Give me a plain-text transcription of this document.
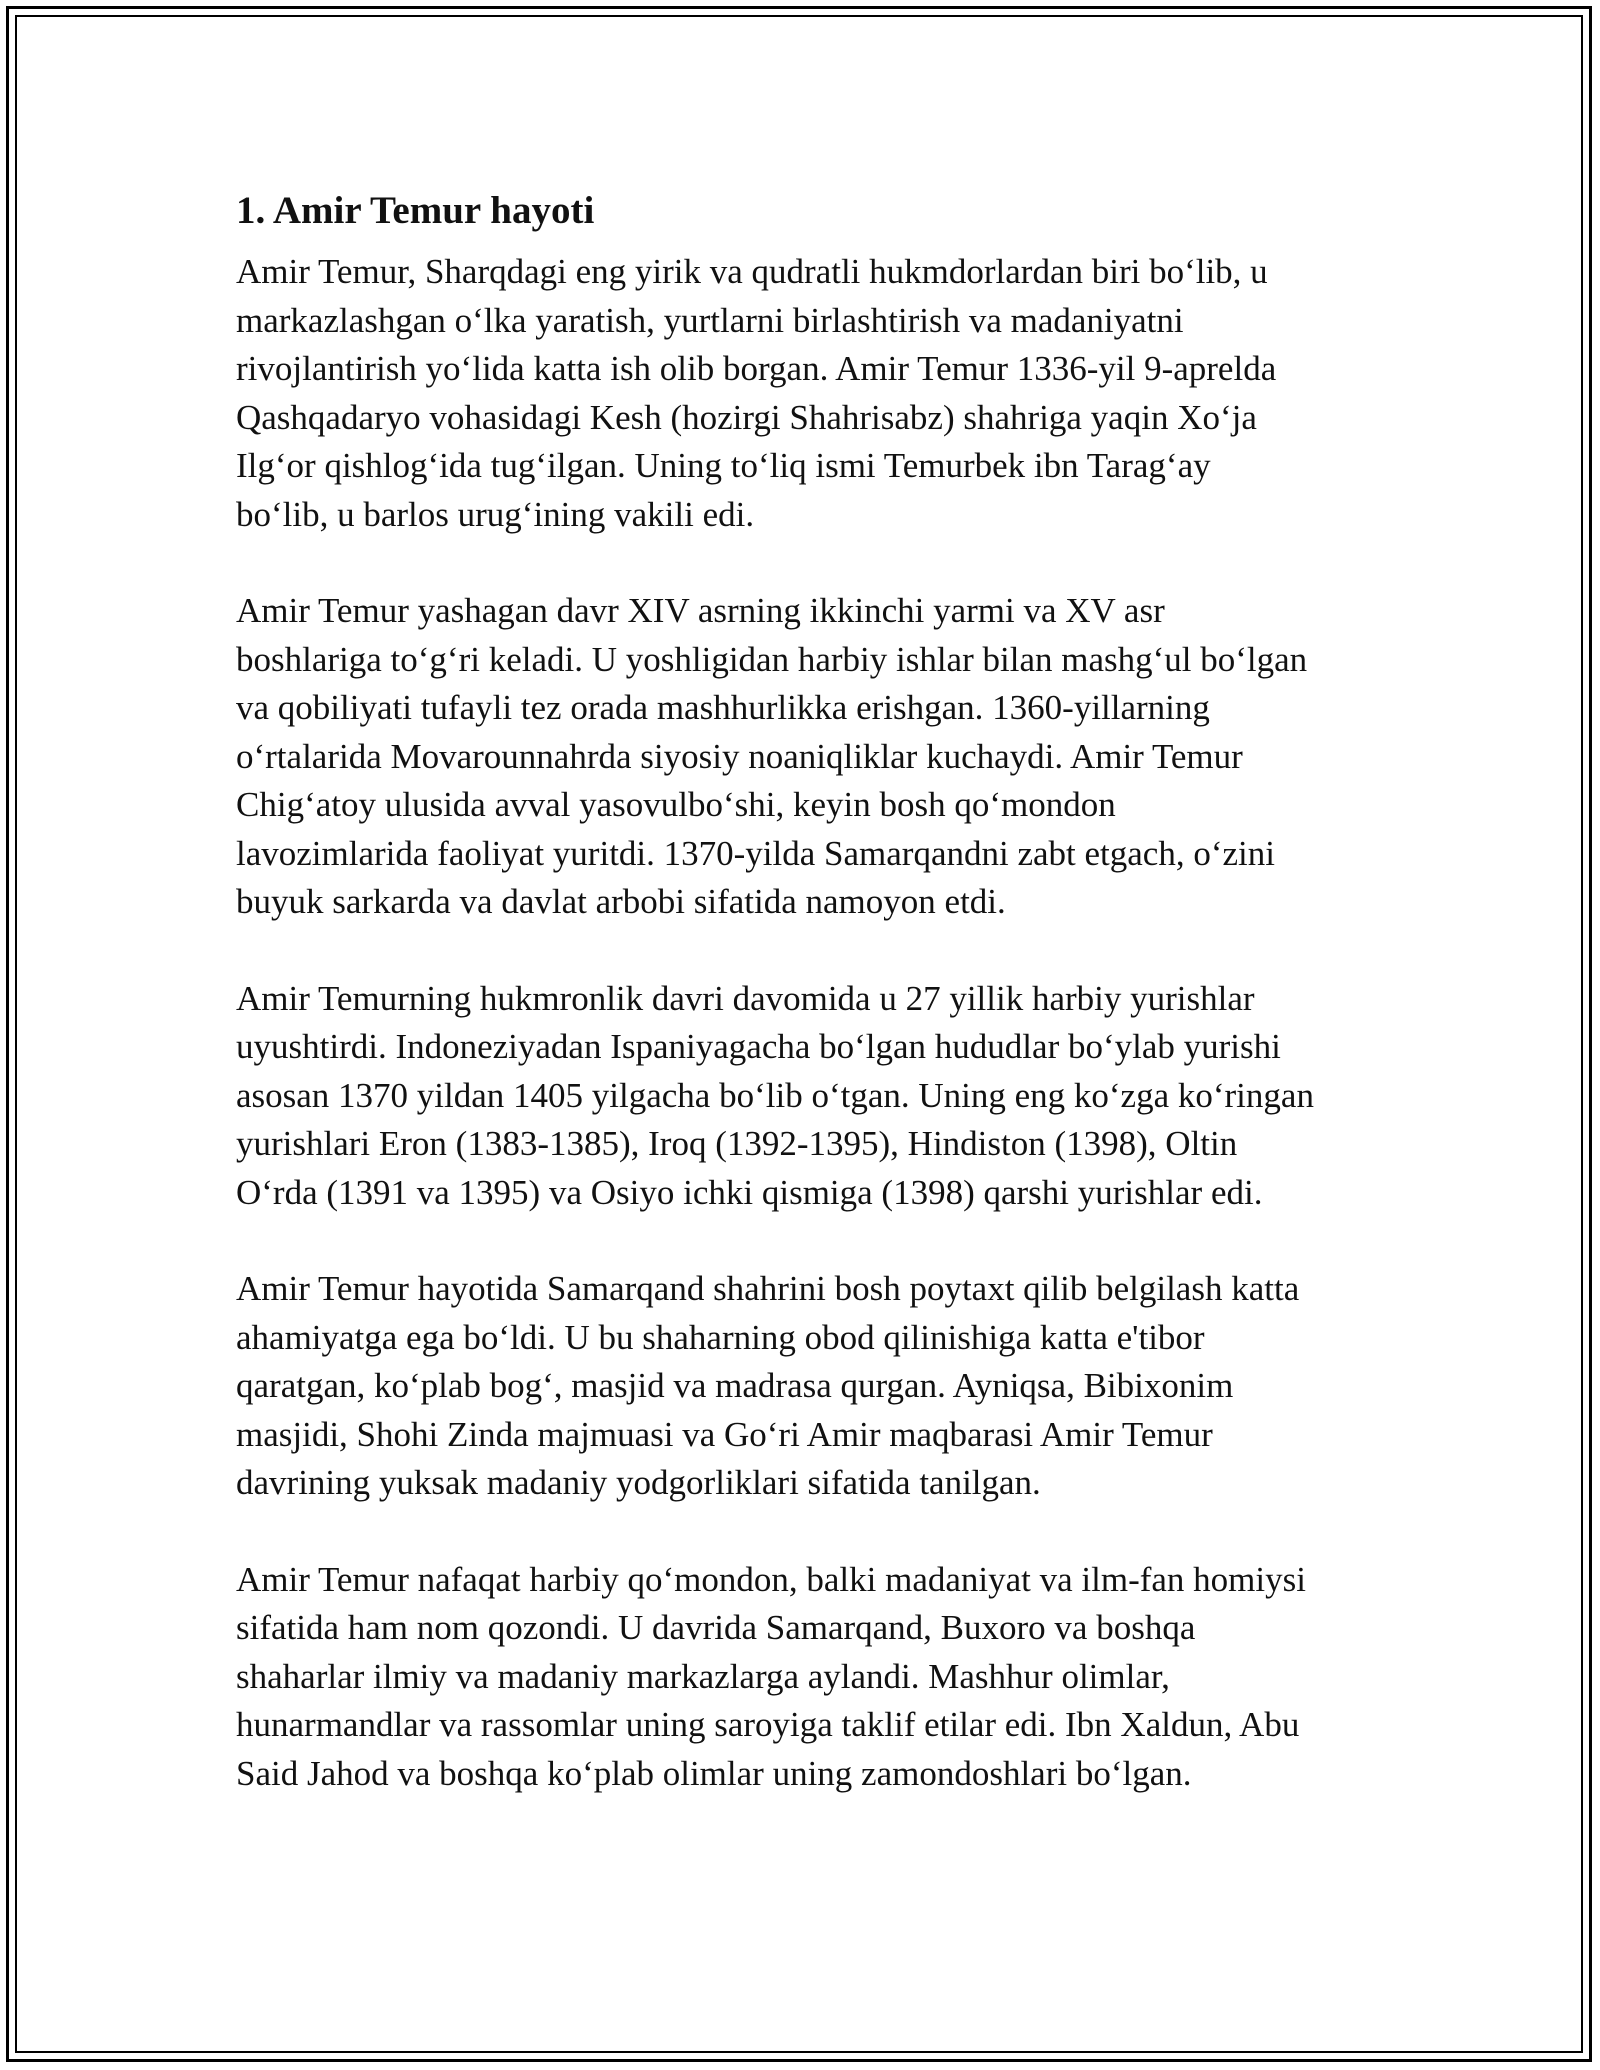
1. Amir Temur hayoti

Amir Temur, Sharqdagi eng yirik va qudratli hukmdorlardan biri bo‘lib, u
markazlashgan o‘lka yaratish, yurtlarni birlashtirish va madaniyatni
rivojlantirish yo‘lida katta ish olib borgan. Amir Temur 1336-yil 9-aprelda
Qashqadaryo vohasidagi Kesh (hozirgi Shahrisabz) shahriga yaqin Xo‘ja
Ilg‘or qishlog‘ida tug‘ilgan. Uning to‘liq ismi Temurbek ibn Tarag‘ay
bo‘lib, u barlos urug‘ining vakili edi.

Amir Temur yashagan davr XIV asrning ikkinchi yarmi va XV asr
boshlariga to‘g‘ri keladi. U yoshligidan harbiy ishlar bilan mashg‘ul bo‘lgan
va qobiliyati tufayli tez orada mashhurlikka erishgan. 1360-yillarning
o‘rtalarida Movarounnahrda siyosiy noaniqliklar kuchaydi. Amir Temur
Chig‘atoy ulusida avval yasovulbo‘shi, keyin bosh qo‘mondon
lavozimlarida faoliyat yuritdi. 1370-yilda Samarqandni zabt etgach, o‘zini
buyuk sarkarda va davlat arbobi sifatida namoyon etdi.

Amir Temurning hukmronlik davri davomida u 27 yillik harbiy yurishlar
uyushtirdi. Indoneziyadan Ispaniyagacha bo‘lgan hududlar bo‘ylab yurishi
asosan 1370 yildan 1405 yilgacha bo‘lib o‘tgan. Uning eng ko‘zga ko‘ringan
yurishlari Eron (1383-1385), Iroq (1392-1395), Hindiston (1398), Oltin
O‘rda (1391 va 1395) va Osiyo ichki qismiga (1398) qarshi yurishlar edi.

Amir Temur hayotida Samarqand shahrini bosh poytaxt qilib belgilash katta
ahamiyatga ega bo‘ldi. U bu shaharning obod qilinishiga katta e'tibor
qaratgan, ko‘plab bog‘, masjid va madrasa qurgan. Ayniqsa, Bibixonim
masjidi, Shohi Zinda majmuasi va Go‘ri Amir maqbarasi Amir Temur
davrining yuksak madaniy yodgorliklari sifatida tanilgan.

Amir Temur nafaqat harbiy qo‘mondon, balki madaniyat va ilm-fan homiysi
sifatida ham nom qozondi. U davrida Samarqand, Buxoro va boshqa
shaharlar ilmiy va madaniy markazlarga aylandi. Mashhur olimlar,
hunarmandlar va rassomlar uning saroyiga taklif etilar edi. Ibn Xaldun, Abu
Said Jahod va boshqa ko‘plab olimlar uning zamondoshlari bo‘lgan.
